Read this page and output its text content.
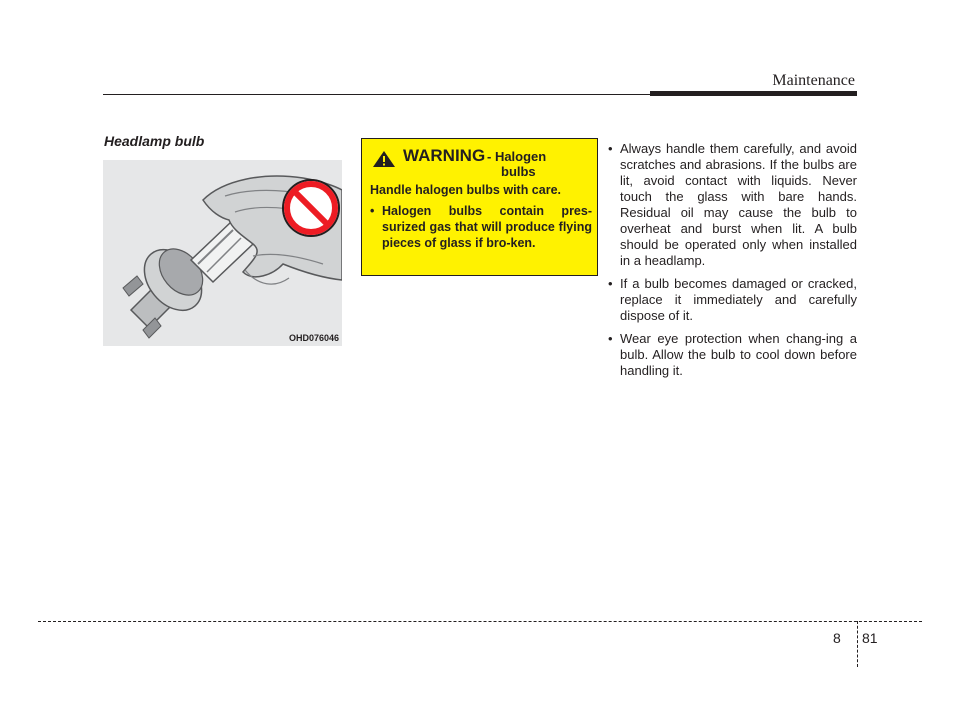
Maintenance
Headlamp bulb
OHD076046
WARNING - Halogen
bulbs
Handle halogen bulbs with care.
• Halogen bulbs contain pres-surized gas that will produce flying pieces of glass if bro-ken.
• Always handle them carefully, and avoid scratches and abrasions. If the bulbs are lit, avoid contact with liquids. Never touch the glass with bare hands. Residual oil may cause the bulb to overheat and burst when lit. A bulb should be operated only when installed in a headlamp.
• If a bulb becomes damaged or cracked, replace it immediately and carefully dispose of it.
• Wear eye protection when chang-ing a bulb. Allow the bulb to cool down before handling it.
8 81
